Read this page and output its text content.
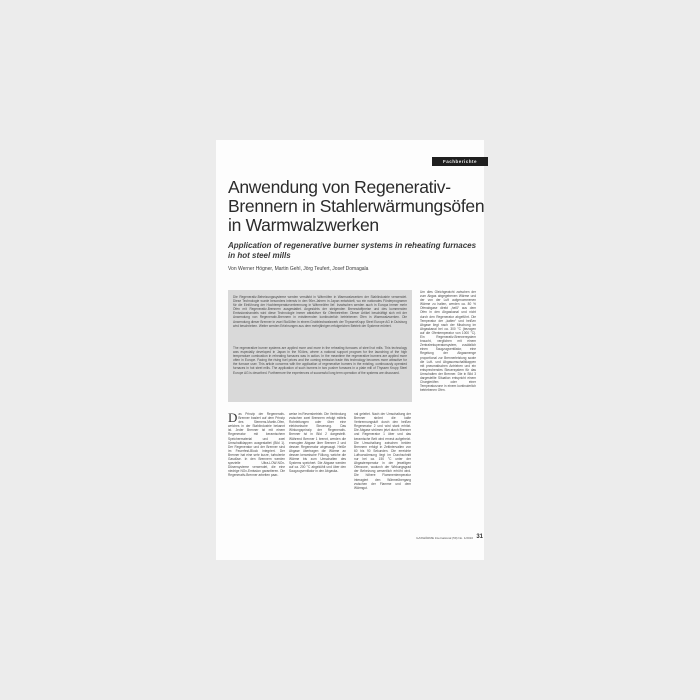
Fachberichte
Anwendung von Regenerativ-Brennern in Stahlerwärmungsöfen in Warmwalzwerken
Application of regenerative burner systems in reheating furnaces in hot steel mills
Von Werner Högner, Martin Gehl, Jörg Teufert, Josef Domagala

Die Regenerativ-Beheizungssysteme werden verstärkt in Wärmöfen in Warmwalzwerken der Stahlindustrie verwendet. Diese Technologie wurde besonders intensiv in den 90er-Jahren in Japan entwickelt, wo ein nationales Förderprogramm für die Einführung der Hochtemperaturverbrennung in Wärmeöfen lief. Inzwischen werden auch in Europa immer mehr Öfen mit Regenerativ-Brennern ausgestattet. Angesichts der steigenden Brennstoffpreise und des kommenden Emissionshandels wird diese Technologie immer attraktiver für Ofenbetreiber. Dieser Artikel beschäftigt sich mit der Anwendung von Regenerativ-Brennern in existierenden kontinuierlich betriebenen Öfen in Warmwalzwerken. Die Anwendung dieser Brenner in zwei Stoßöfen in einem Grobblechwalzwerk der ThyssenKrupp Steel Europe AG in Duisburg wird beschrieben. Weiter werden Erfahrungen aus dem mehrjährigen erfolgreichen Betrieb der Systeme erörtert.

The regenerative burner systems are applied more and more in the reheating furnaces of steel hot mills. This technology was especially developed in Japan in the 90-ties, where a national support program for the launching of the high temperature combustion in reheating furnaces was in action. In the meantime the regenerative burners are applied more often in Europe. Facing the rising fuel prices and the coming emission trade this technology becomes more attractive for the furnace user. This article concerns with the application of regenerative burners in the existing, continuously operated furnaces in hot steel mills. The application of such burners in two pusher furnaces in a plate mill of Thyssen Krupp Steel Europe AG is described. Furthermore the experiences of successful long term operation of the systems are discussed.

Das Prinzip der Regenerativ-Brenner basiert auf dem Prinzip des Siemens-Martin-Ofen, welches in der Stahlindustrie bekannt ist. Jeder Brenner ist mit einem Regenerator mit keramischem Speichermaterial und zwei Umschaltklappen ausgestattet (Bild 1). Der Regenerator und der Brenner sind im Feuerfest-Block integriert. Der Brenner hat eine sehr kurze, turbulente Gasdüse. In den Brennern werden spezielle Ultra-LOW-NOx-Düsensysteme verwendet, die eine niedrige NOx-Emission garantieren. Die Regenerativ-Brenner arbeiten paar-

weise im Reversbetrieb. Die Verbindung zwischen zwei Brennern erfolgt mittels Rohrleitungen oder über eine elektronische Steuerung. Das Wirkungsprinzip der Regenerativ-Brenner ist in Bild 2 dargestellt. Während Brenner 1 brennt, werden die erzeugten Abgase über Brenner 2 und dessen Regenerator abgesaugt. Heiße Abgase übertragen die Wärme an dessen keramische Füllung, welche die Wärme bis zum Umschalten des Systems speichert. Die Abgase werden auf ca. 200 °C abgekühlt und über den Saugzugventilator in den Abgaska-

nal geleitet. Nach der Umschaltung der Brenner strömt die kalte Verbrennungsluft durch den heißen Regenerator 2 und wird stark erhitzt. Die Abgase strömen jetzt durch Brenner und Regenerator 1 über und das keramische Bett wird erneut aufgeheizt. Die Umschaltung zwischen beiden Brennern erfolgt in Zeitintervallen von 60 bis 90 Sekunden. Die erreichte Luftvorwärmung liegt im Durchschnitt nur bei ca. 150 °C unter der Abgastemperatur in der jeweiligen Ofenzone, wodurch der Wirkungsgrad der Beheizung wesentlich erhöht wird. Die höhere Flammentemperatur interagiert den Wärmeübergang zwischen der Flamme und dem Wärmgut.

Um dies Gleichgewicht zwischen der zum Abgas abgegebenen Wärme und der von der Luft aufgenommenen Wärme zu halten, werden ca. 80 % Ofenabgase direkt „heiß“ aus dem Ofen in den Abgaskanal und nicht durch den Regenerator abgeführt. Die Temperatur der „kalten“ und heißen Abgase liegt nach der Mischung im Abgaskanal bei ca. 300 °C (bezogen auf die Ofentemperatur von 1000 °C). Ein Regenerativ-Brennersystem braucht, verglichen mit einem Zentralrekuperatorsystem, zusätzlich einen Saugzugventilator, eine Regelung der Abgasmenge proportional zur Brennerleistung sowie die Luft- und Abgasumschaltklappen mit pneumatischen Antrieben und ein entsprechendes Steuersystem für das Umschalten der Brenner. Die in Bild 3 dargestellte Situation entspricht einem Chargieröfen oder einer Temperaturzone in einem kontinuierlich betriebenen Ofen.

GASWÄRME International (59) No. 1/2010 31
